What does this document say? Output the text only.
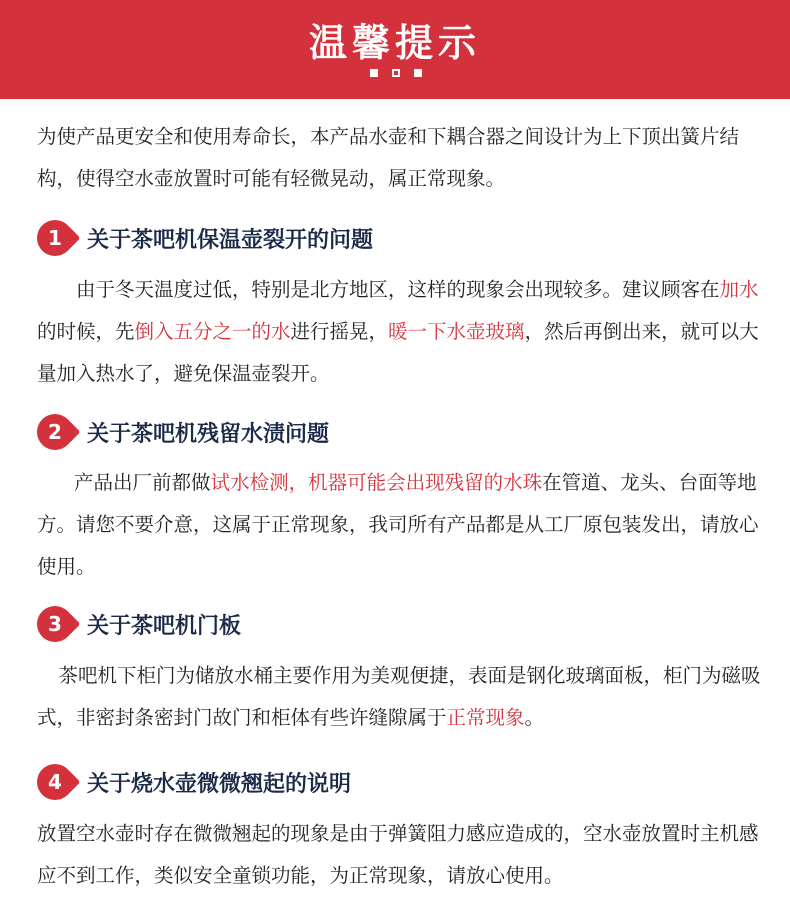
温馨提示

为使产品更安全和使用寿命长，本产品水壶和下耦合器之间设计为上下顶出簧片结构，使得空水壶放置时可能有轻微晃动，属正常现象。

1	关于茶吧机保温壶裂开的问题

由于冬天温度过低，特别是北方地区，这样的现象会出现较多。建议顾客在加水的时候，先倒入五分之一的水进行摇晃，暖一下水壶玻璃，然后再倒出来，就可以大量加入热水了，避免保温壶裂开。

2	关于茶吧机残留水渍问题

产品出厂前都做试水检测，机器可能会出现残留的水珠在管道、龙头、台面等地方。请您不要介意，这属于正常现象，我司所有产品都是从工厂原包装发出，请放心使用。

3	关于茶吧机门板

茶吧机下柜门为储放水桶主要作用为美观便捷，表面是钢化玻璃面板，柜门为磁吸式，非密封条密封门故门和柜体有些许缝隙属于正常现象。

4	关于烧水壶微微翘起的说明

放置空水壶时存在微微翘起的现象是由于弹簧阻力感应造成的，空水壶放置时主机感应不到工作，类似安全童锁功能，为正常现象，请放心使用。
